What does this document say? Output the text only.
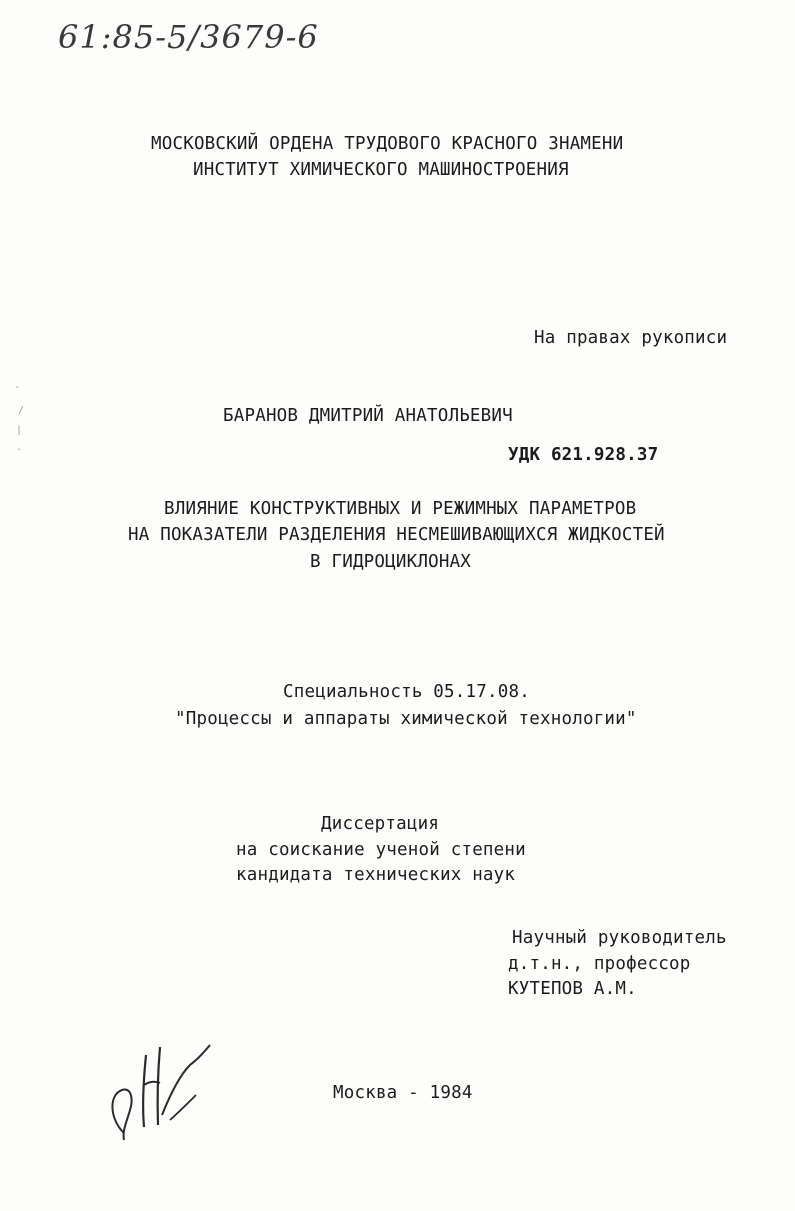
61:85-5/3679-6
-
/
|
.
МОСКОВСКИЙ ОРДЕНА ТРУДОВОГО КРАСНОГО ЗНАМЕНИ
ИНСТИТУТ ХИМИЧЕСКОГО МАШИНОСТРОЕНИЯ
На правах рукописи
БАРАНОВ ДМИТРИЙ АНАТОЛЬЕВИЧ
УДК 621.928.37
ВЛИЯНИЕ КОНСТРУКТИВНЫХ И РЕЖИМНЫХ ПАРАМЕТРОВ
НА ПОКАЗАТЕЛИ РАЗДЕЛЕНИЯ НЕСМЕШИВАЮЩИХСЯ ЖИДКОСТЕЙ
В ГИДРОЦИКЛОНАХ
Специальность 05.17.08.
"Процессы и аппараты химической технологии"
Диссертация
на соискание ученой степени
кандидата технических наук
Научный руководитель
д.т.н., профессор
КУТЕПОВ А.М.
Москва - 1984
